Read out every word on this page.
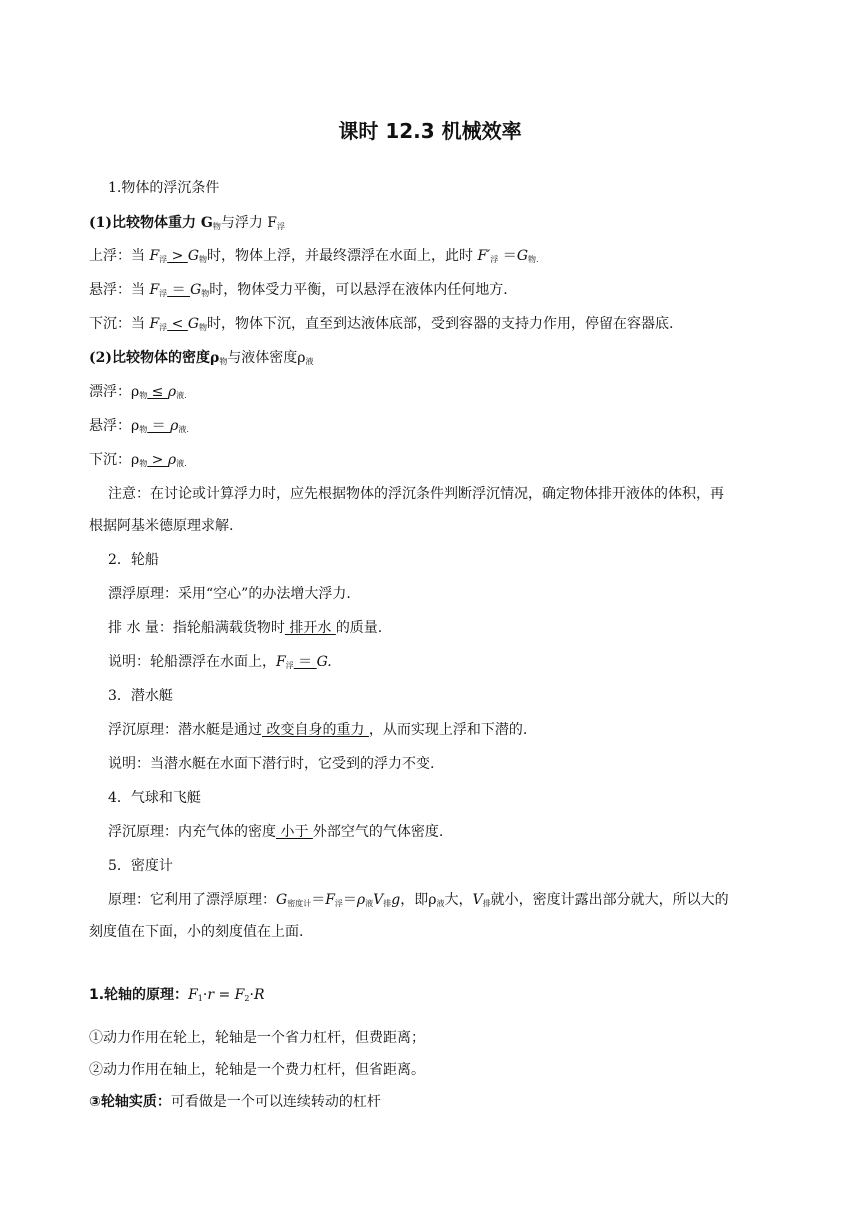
课时 12.3 机械效率
1.物体的浮沉条件
(1)比较物体重力 $G_物$与浮力 $F_浮$
上浮：当 $F_浮 > G_物$时，物体上浮，并最终漂浮在水面上，此时 $F'_浮 =G_{物.}$
悬浮：当 $F_浮 = G_物$时，物体受力平衡，可以悬浮在液体内任何地方.
下沉：当 $F_浮 < G_物$时，物体下沉，直至到达液体底部，受到容器的支持力作用，停留在容器底.
(2)比较物体的密度$\rho_物$与液体密度$\rho_液$
漂浮：$\rho_物 \le \rho_{液.}$
悬浮：$\rho_物 = \rho_{液.}$
下沉：$\rho_物 > \rho_{液.}$
注意：在讨论或计算浮力时，应先根据物体的浮沉条件判断浮沉情况，确定物体排开液体的体积，再
根据阿基米德原理求解.
2．轮船
漂浮原理：采用“空心”的办法增大浮力.
排 水 量：指轮船满载货物时 排开水 的质量.
说明：轮船漂浮在水面上，$F_浮 = G$.
3．潜水艇
浮沉原理：潜水艇是通过 改变自身的重力 ，从而实现上浮和下潜的.
说明：当潜水艇在水面下潜行时，它受到的浮力不变.
4．气球和飞艇
浮沉原理：内充气体的密度 小于 外部空气的气体密度.
5．密度计
原理：它利用了漂浮原理：$G_{密度计}=F_浮=\rho_液V_排g$，即$\rho_液$大，$V_排$就小，密度计露出部分就大，所以大的
刻度值在下面，小的刻度值在上面.
1.轮轴的原理：$F_1\cdot r = F_2\cdot R$
①动力作用在轮上，轮轴是一个省力杠杆，但费距离；
②动力作用在轴上，轮轴是一个费力杠杆，但省距离。
③轮轴实质：可看做是一个可以连续转动的杠杆
